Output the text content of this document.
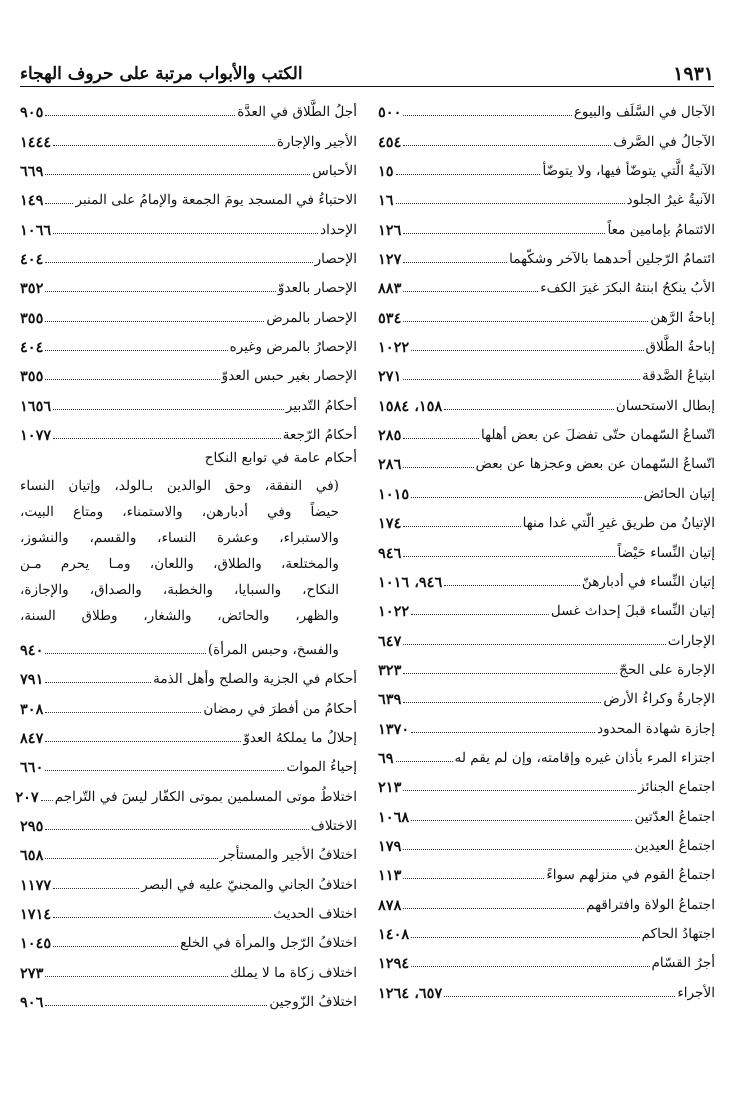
١٩٣١
الكتب والأبواب مرتبة على حروف الهجاء
الآجال في السَّلَف والبيوع
٥٠٠
الآجالُ في الصَّرف
٤٥٤
الآنيةُ الَّتي يتوضّأ فيها، ولا يتوضّأ
١٥
الآنيةُ غيرُ الجلود
١٦
الائتمامُ بإمامين معاً
١٢٦
ائتمامُ الرّجلين أحدهما بالآخر وشكّهما
١٢٧
الأبُ ينكحُ ابنتهُ البكرَ غيرَ الكفء
٨٨٣
إباحةُ الرَّهن
٥٣٤
إباحةُ الطَّلاق
١٠٢٢
ابتياعُ الصَّدقة
٢٧١
إبطال الاستحسان
١٥٨، ١٥٨٤
اتّساعُ السّهمان حتّى تفضلَ عن بعض أهلها
٢٨٥
اتّساعُ السّهمان عن بعض وعجزها عن بعض
٢٨٦
إتيان الحائض
١٠١٥
الإتيانُ من طريق غيرِ الّتي غدا منها
١٧٤
إتيان النِّساء حَيْضاً
٩٤٦
إتيان النِّساء في أدبارهنّ
٩٤٦، ١٠١٦
إتيان النِّساء قبلَ إحداث غسل
١٠٢٢
الإجارات
٦٤٧
الإجارة على الحجّ
٣٢٣
الإجارةُ وكراءُ الأرض
٦٣٩
إجازة شهادة المحدود
١٣٧٠
اجتزاء المرء بأذان غيره وإقامته، وإن لم يقم له
٦٩
اجتماع الجنائز
٢١٣
اجتماعُ العدّتين
١٠٦٨
اجتماعُ العيدين
١٧٩
اجتماعُ القوم في منزلهم سواءً
١١٣
اجتماعُ الولاة وافتراقهم
٨٧٨
اجتهادُ الحاكم
١٤٠٨
أجرُ القسّام
١٢٩٤
الأجراء
٦٥٧، ١٢٦٤
أجلُ الطَّلاق في العدَّة
٩٠٥
الأجير والإجارة
١٤٤٤
الأحباس
٦٦٩
الاحتباءُ في المسجد يومَ الجمعة والإمامُ على المنبر
١٤٩
الإحداد
١٠٦٦
الإحصار
٤٠٤
الإحصار بالعدوّ
٣٥٢
الإحصار بالمرض
٣٥٥
الإحصارُ بالمرض وغيره
٤٠٤
الإحصار بغير حبس العدوّ
٣٥٥
أحكامُ التّدبير
١٦٥٦
أحكامُ الرّجعة
١٠٧٧
أحكام عامة في توابع النكاح
(في النفقة، وحق الوالدين بـالولد، وإتيان النساء
حيضاً وفي أدبارهن، والاستمناء، ومتاع البيت،
والاستبراء، وعشرة النساء، والقسم، والنشوز،
والمختلعة، والطلاق، واللعان، ومـا يحرم مـن
النكاح، والسبايا، والخطبة، والصداق، والإجازة،
والظهر، والحائض، والشغار، وطلاق السنة،
والفسخ، وحبس المرأة)
٩٤٠
أحكام في الجزية والصلح وأهل الذمة
٧٩١
أحكامُ من أفطرَ في رمضان
٣٠٨
إحلالُ ما يملكهُ العدوّ
٨٤٧
إحياءُ الموات
٦٦٠
اختلاطُ موتى المسلمين بموتى الكفّار ليسَ في التّراجم
٢٠٧
الاختلاف
٢٩٥
اختلافُ الأجير والمستأجر
٦٥٨
اختلافُ الجاني والمجنيّ عليه في البصر
١١٧٧
اختلاف الحديث
١٧١٤
اختلافُ الرّجل والمرأة في الخلع
١٠٤٥
اختلاف زكاة ما لا يملك
٢٧٣
اختلافُ الزّوجين
٩٠٦
